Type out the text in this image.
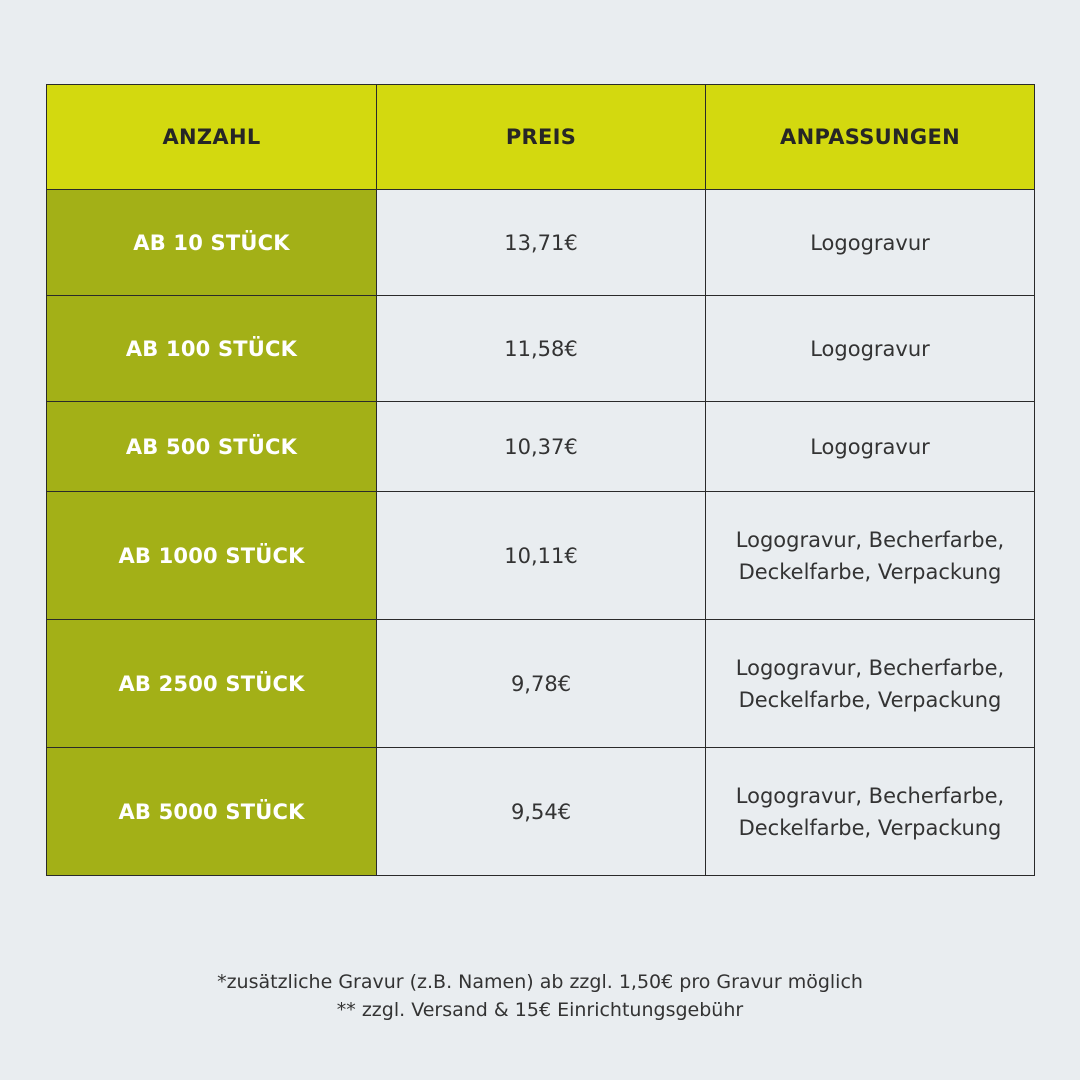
ANZAHL	PREIS	ANPASSUNGEN
AB 10 STÜCK	13,71€	Logogravur

AB 100 STÜCK	11,58€	Logogravur

AB 500 STÜCK	10,37€	Logogravur

AB 1000 STÜCK	10,11€	Logogravur, Becherfarbe,
Deckelfarbe, Verpackung

AB 2500 STÜCK	9,78€	Logogravur, Becherfarbe,
Deckelfarbe, Verpackung

AB 5000 STÜCK	9,54€	Logogravur, Becherfarbe,
Deckelfarbe, Verpackung
*zusätzliche Gravur (z.B. Namen) ab zzgl. 1,50€ pro Gravur möglich
** zzgl. Versand & 15€ Einrichtungsgebühr
